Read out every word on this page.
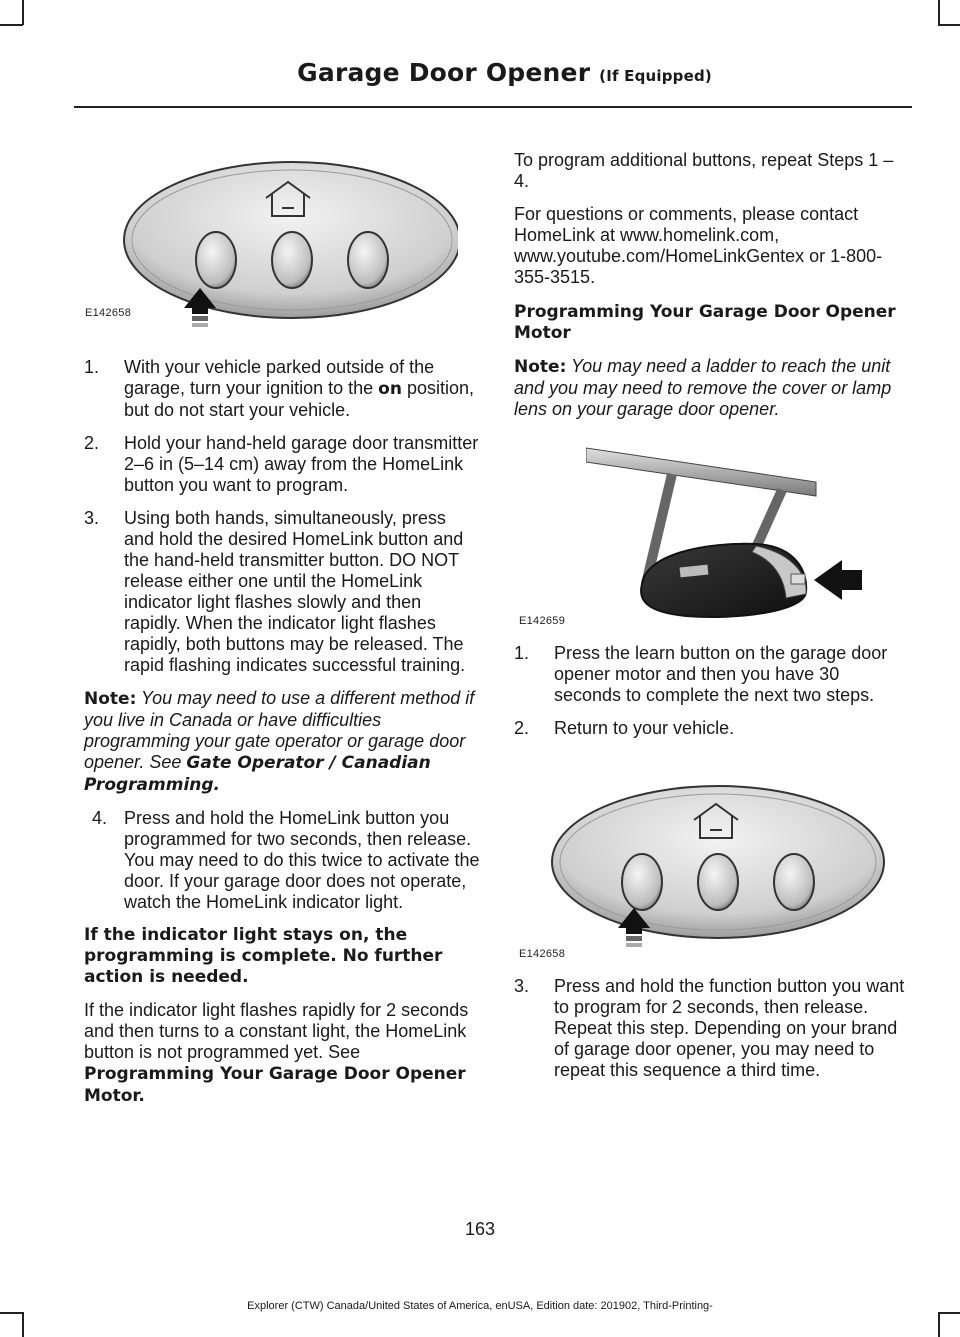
Garage Door Opener (If Equipped)
E142658
1. With your vehicle parked outside of the garage, turn your ignition to the on position, but do not start your vehicle.
2. Hold your hand-held garage door transmitter 2–6 in (5–14 cm) away from the HomeLink button you want to program.
3. Using both hands, simultaneously, press and hold the desired HomeLink button and the hand-held transmitter button. DO NOT release either one until the HomeLink indicator light flashes slowly and then rapidly. When the indicator light flashes rapidly, both buttons may be released. The rapid flashing indicates successful training.

Note: You may need to use a different method if you live in Canada or have difficulties programming your gate operator or garage door opener. See Gate Operator / Canadian Programming.

4. Press and hold the HomeLink button you programmed for two seconds, then release. You may need to do this twice to activate the door. If your garage door does not operate, watch the HomeLink indicator light.

If the indicator light stays on, the programming is complete. No further action is needed.

If the indicator light flashes rapidly for 2 seconds and then turns to a constant light, the HomeLink button is not programmed yet. See Programming Your Garage Door Opener Motor.

To program additional buttons, repeat Steps 1 – 4.

For questions or comments, please contact HomeLink at www.homelink.com, www.youtube.com/HomeLinkGentex or 1-800-355-3515.

Programming Your Garage Door Opener Motor

Note: You may need a ladder to reach the unit and you may need to remove the cover or lamp lens on your garage door opener.

E142659
1. Press the learn button on the garage door opener motor and then you have 30 seconds to complete the next two steps.
2. Return to your vehicle.
E142658
3. Press and hold the function button you want to program for 2 seconds, then release. Repeat this step. Depending on your brand of garage door opener, you may need to repeat this sequence a third time.
163
Explorer (CTW) Canada/United States of America, enUSA, Edition date: 201902, Third-Printing-
